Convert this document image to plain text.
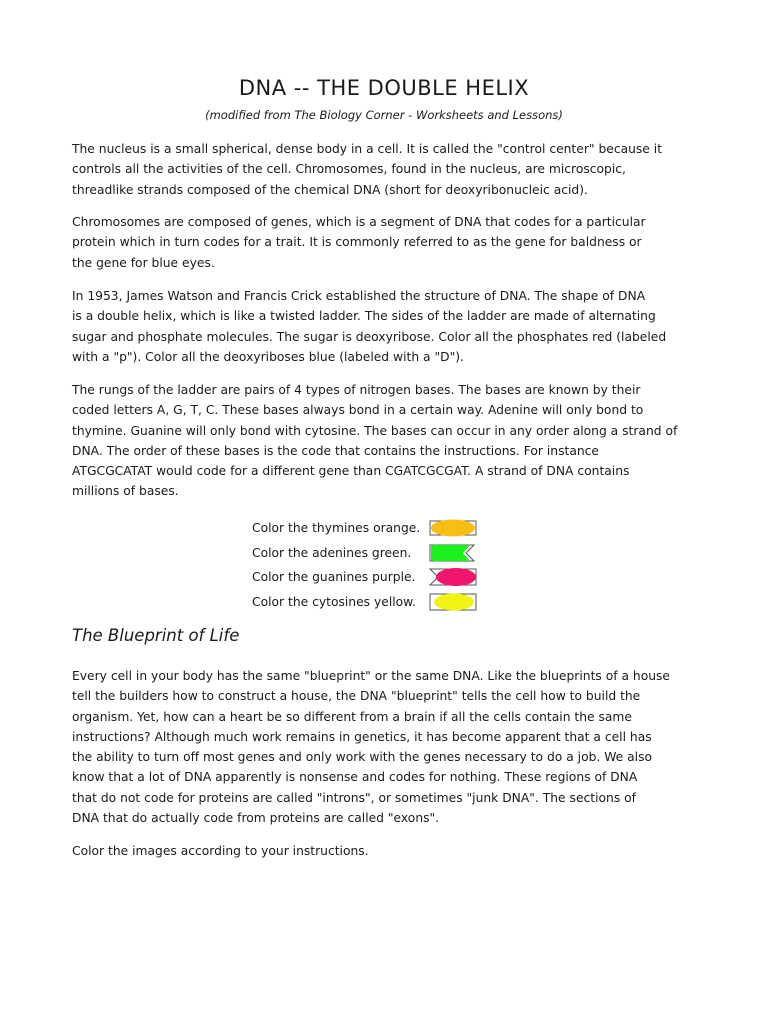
DNA -- THE DOUBLE HELIX

(modified from The Biology Corner - Worksheets and Lessons)

The nucleus is a small spherical, dense body in a cell. It is called the "control center" because it
controls all the activities of the cell. Chromosomes, found in the nucleus, are microscopic,
threadlike strands composed of the chemical DNA (short for deoxyribonucleic acid).

Chromosomes are composed of genes, which is a segment of DNA that codes for a particular
protein which in turn codes for a trait. It is commonly referred to as the gene for baldness or
the gene for blue eyes.

In 1953, James Watson and Francis Crick established the structure of DNA. The shape of DNA
is a double helix, which is like a twisted ladder. The sides of the ladder are made of alternating
sugar and phosphate molecules. The sugar is deoxyribose. Color all the phosphates red (labeled
with a "p"). Color all the deoxyriboses blue (labeled with a "D").

The rungs of the ladder are pairs of 4 types of nitrogen bases. The bases are known by their
coded letters A, G, T, C. These bases always bond in a certain way. Adenine will only bond to
thymine. Guanine will only bond with cytosine. The bases can occur in any order along a strand of
DNA. The order of these bases is the code that contains the instructions. For instance
ATGCGCATAT would code for a different gene than CGATCGCGAT. A strand of DNA contains
millions of bases.

Color the thymines orange.
Color the adenines green.
Color the guanines purple.
Color the cytosines yellow.
The Blueprint of Life

Every cell in your body has the same "blueprint" or the same DNA. Like the blueprints of a house
tell the builders how to construct a house, the DNA "blueprint" tells the cell how to build the
organism. Yet, how can a heart be so different from a brain if all the cells contain the same
instructions? Although much work remains in genetics, it has become apparent that a cell has
the ability to turn off most genes and only work with the genes necessary to do a job. We also
know that a lot of DNA apparently is nonsense and codes for nothing. These regions of DNA
that do not code for proteins are called "introns", or sometimes "junk DNA". The sections of
DNA that do actually code from proteins are called "exons".

Color the images according to your instructions.
